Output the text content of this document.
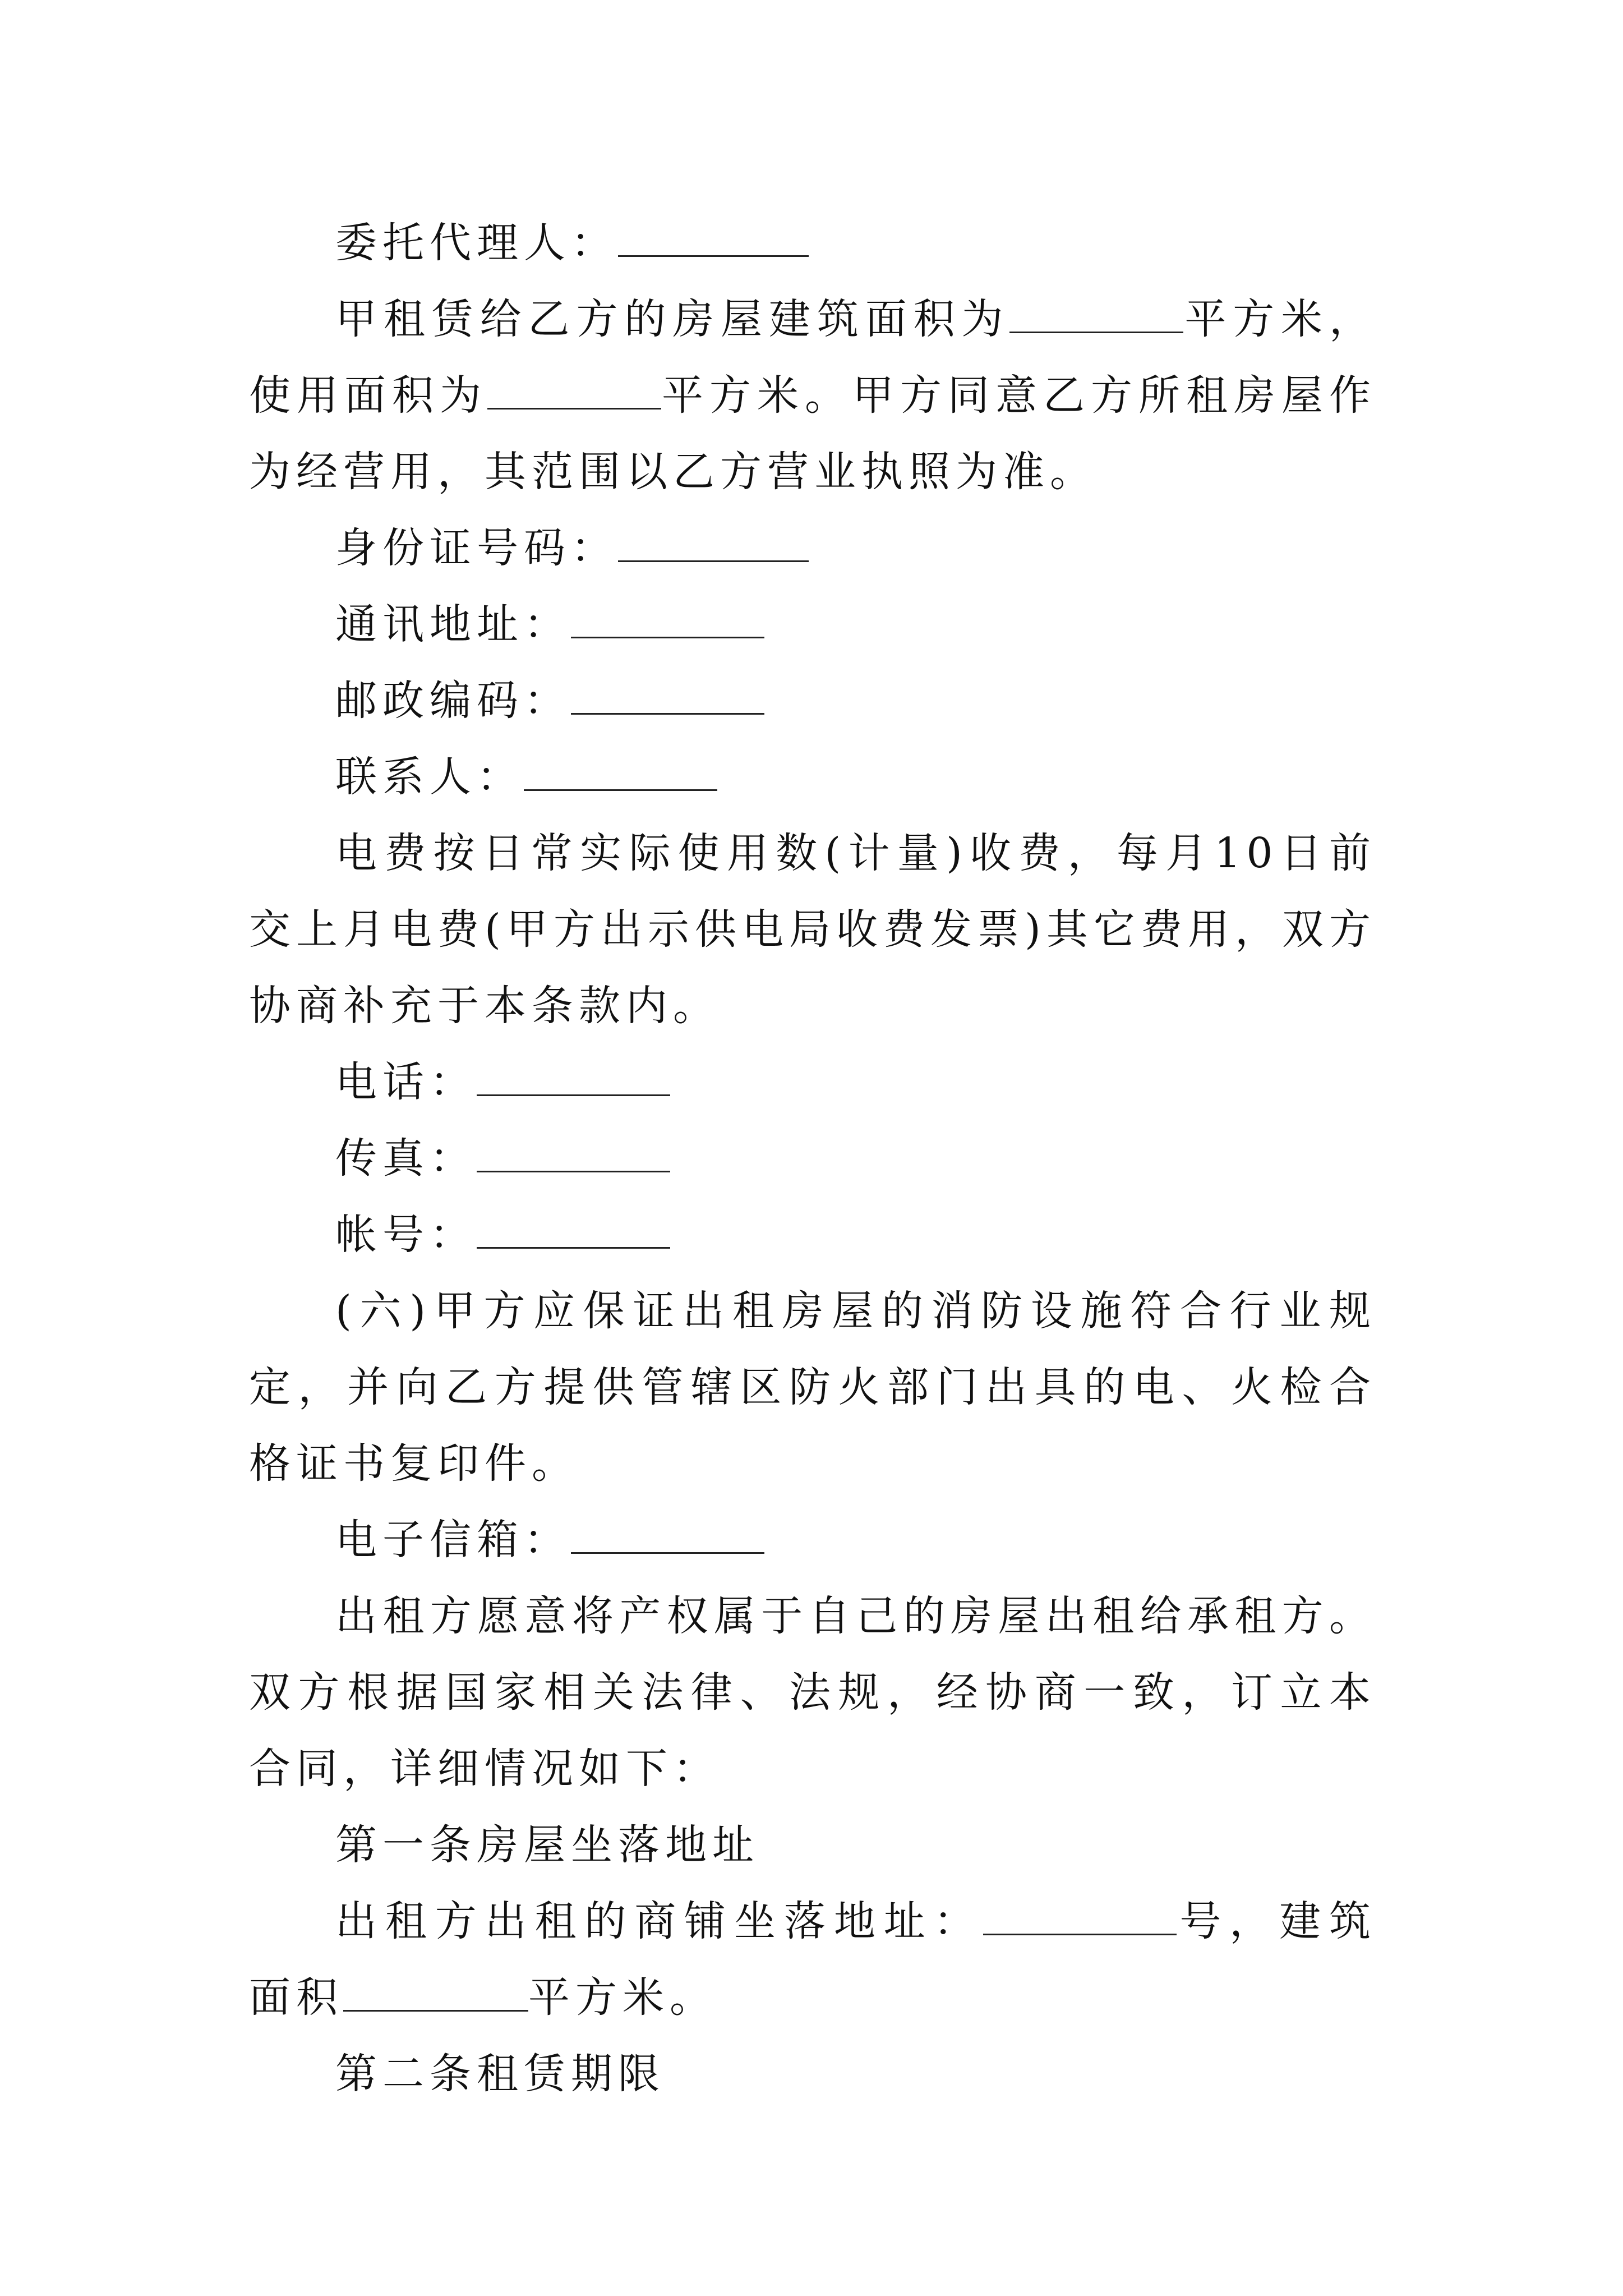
委托代理人：

甲租赁给乙方的房屋建筑面积为	平方米，使用面积为	平方米。甲方同意乙方所租房屋作为经营用，其范围以乙方营业执照为准。

身份证号码：

通讯地址：

邮政编码：

联系人：

电费按日常实际使用数(计量)收费，每月10日前交上月电费(甲方出示供电局收费发票)其它费用，双方协商补充于本条款内。

电话：

传真：

帐号：

(六)甲方应保证出租房屋的消防设施符合行业规定，并向乙方提供管辖区防火部门出具的电、火检合格证书复印件。

电子信箱：

出租方愿意将产权属于自己的房屋出租给承租方。双方根据国家相关法律、法规，经协商一致，订立本合同，详细情况如下：

第一条房屋坐落地址

出租方出租的商铺坐落地址：	号，建筑面积	平方米。

第二条租赁期限
